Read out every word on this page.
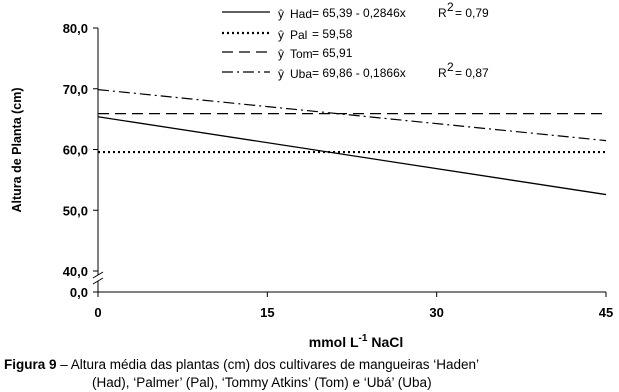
40,0
50,0
60,0
70,0
80,0
0,0
0	15	30	45
ŷ Had = 65,39 - 0,2846x	R 2 = 0,79
ŷ Pal = 59,58
ŷ Tom = 65,91
ŷ Uba = 69,86 - 0,1866x	R 2 = 0,87
Altura de Planta (cm)
mmol $L^{-1}$ NaCl
Figura 9 – Altura média das plantas (cm) dos cultivares de mangueiras ‘Haden’
(Had), ‘Palmer’ (Pal), ‘Tommy Atkins’ (Tom) e ‘Ubá’ (Uba)
